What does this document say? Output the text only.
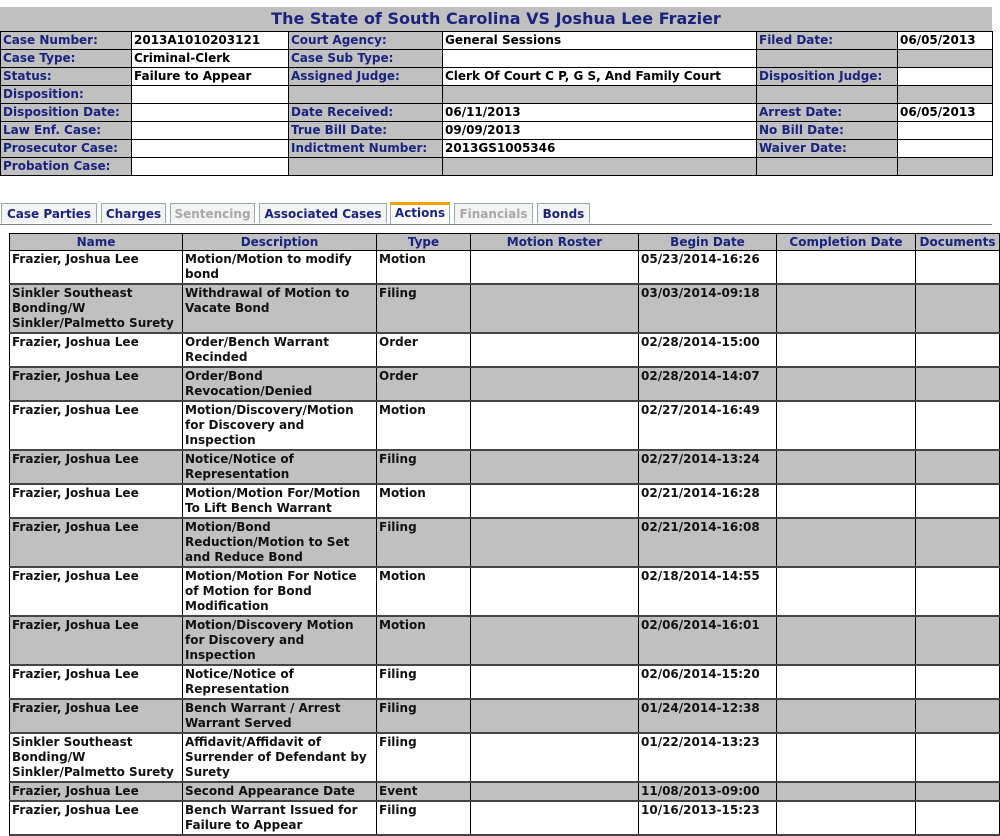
The State of South Carolina VS Joshua Lee Frazier
Case Number:	2013A1010203121	Court Agency:	General Sessions	Filed Date:	06/05/2013
Case Type:	Criminal-Clerk	Case Sub Type:			
Status:	Failure to Appear	Assigned Judge:	Clerk Of Court C P, G S, And Family Court	Disposition Judge:	
Disposition:					
Disposition Date:		Date Received:	06/11/2013	Arrest Date:	06/05/2013
Law Enf. Case:		True Bill Date:	09/09/2013	No Bill Date:	
Prosecutor Case:		Indictment Number:	2013GS1005346	Waiver Date:	
Probation Case:					
Case Parties	Charges	Sentencing	Associated Cases	Actions	Financials	Bonds
Name	Description	Type	Motion Roster	Begin Date	Completion Date	Documents
Frazier, Joshua Lee	Motion/Motion to modify bond	Motion		05/23/2014-16:26		
Sinkler Southeast Bonding/W Sinkler/Palmetto Surety	Withdrawal of Motion to Vacate Bond	Filing		03/03/2014-09:18		
Frazier, Joshua Lee	Order/Bench Warrant Recinded	Order		02/28/2014-15:00		
Frazier, Joshua Lee	Order/Bond Revocation/Denied	Order		02/28/2014-14:07		
Frazier, Joshua Lee	Motion/Discovery/Motion for Discovery and Inspection	Motion		02/27/2014-16:49		
Frazier, Joshua Lee	Notice/Notice of Representation	Filing		02/27/2014-13:24		
Frazier, Joshua Lee	Motion/Motion For/Motion To Lift Bench Warrant	Motion		02/21/2014-16:28		
Frazier, Joshua Lee	Motion/Bond Reduction/Motion to Set and Reduce Bond	Filing		02/21/2014-16:08		
Frazier, Joshua Lee	Motion/Motion For Notice of Motion for Bond Modification	Motion		02/18/2014-14:55		
Frazier, Joshua Lee	Motion/Discovery Motion for Discovery and Inspection	Motion		02/06/2014-16:01		
Frazier, Joshua Lee	Notice/Notice of Representation	Filing		02/06/2014-15:20		
Frazier, Joshua Lee	Bench Warrant / Arrest Warrant Served	Filing		01/24/2014-12:38		
Sinkler Southeast Bonding/W Sinkler/Palmetto Surety	Affidavit/Affidavit of Surrender of Defendant by Surety	Filing		01/22/2014-13:23		
Frazier, Joshua Lee	Second Appearance Date	Event		11/08/2013-09:00		
Frazier, Joshua Lee	Bench Warrant Issued for Failure to Appear	Filing		10/16/2013-15:23		
